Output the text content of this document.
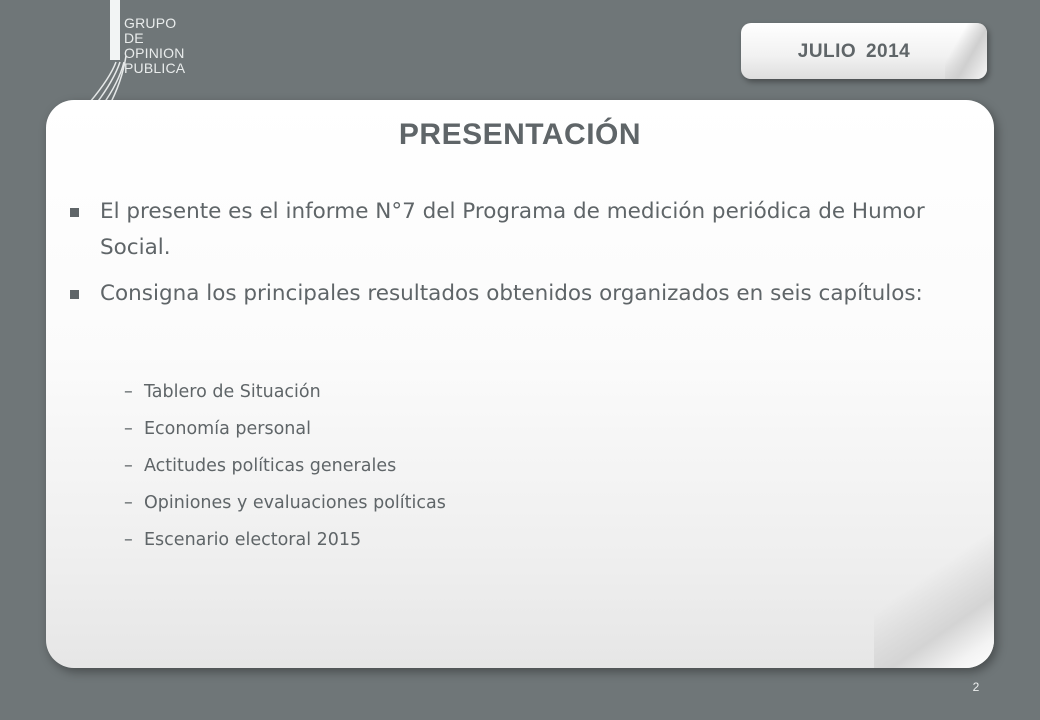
GRUPO
DE
OPINION
PUBLICA
JULIO 2014
PRESENTACIÓN
El presente es el informe N°7 del Programa de medición periódica de Humor Social.
Consigna los principales resultados obtenidos organizados en seis capítulos:
– Tablero de Situación
– Economía personal
– Actitudes políticas generales
– Opiniones y evaluaciones políticas
– Escenario electoral 2015
2
